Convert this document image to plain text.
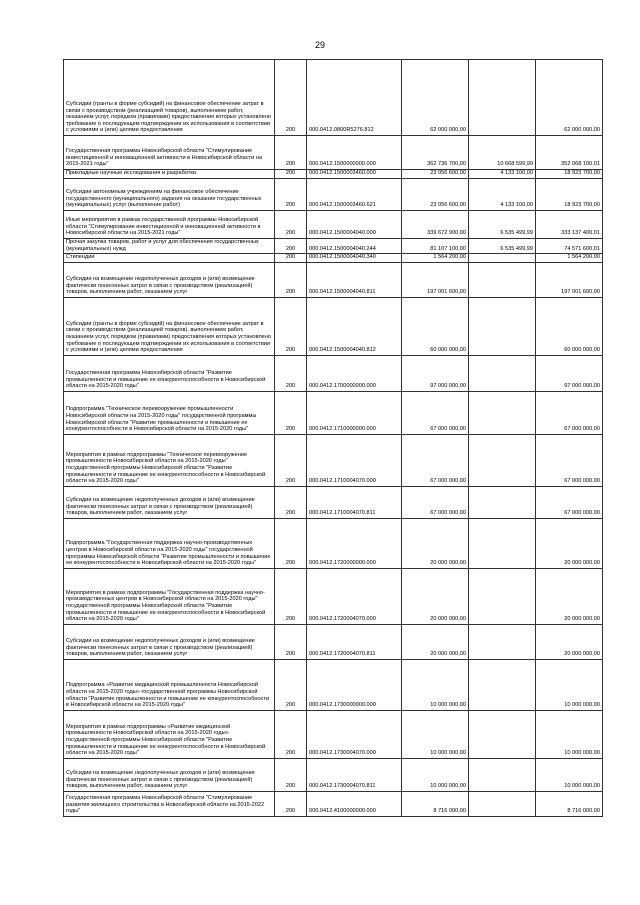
29
Субсидии (гранты в форме субсидий) на финансовое обеспечение затрат в связи с производством (реализацией товаров), выполнением работ, оказанием услуг, порядком (правилами) предоставления которых установлено требование о последующем подтверждении их использования в соответствии с условиями и (или) целями предоставления	200	000.0412.0800R5276.812	62 000 000,00		62 000 000,00
Государственная программа Новосибирской области "Стимулирование инвестиционной и инновационной активности в Новосибирской области на 2015-2021 годы"	200	000.0412.1500000000.000	362 736 700,00	10 668 599,99	352 068 100,01
Прикладные научные исследования и разработки	200	000.0412.1500003460.000	23 056 600,00	4 133 100,00	18 923 700,00
Субсидии автономным учреждениям на финансовое обеспечение государственного (муниципального) задания на оказание государственных (муниципальных) услуг (выполнение работ)	200	000.0412.1500003460.621	23 056 600,00	4 133 100,00	18 923 700,00
Иные мероприятия в рамках государственной программы Новосибирской области "Стимулирование инвестиционной и инновационной активности в Новосибирской области на 2015-2021 годы"	200	000.0412.1500004040.000	339 672 900,00	6 535 499,99	333 137 400,01
Прочая закупка товаров, работ и услуг для обеспечения государственных (муниципальных) нужд	200	000.0412.1500004040.244	81 107 100,00	6 535 499,99	74 571 600,01
Стипендии	200	000.0412.1500004040.340	1 564 200,00		1 564 200,00
Субсидии на возмещение недополученных доходов и (или) возмещение фактически понесенных затрат в связи с производством (реализацией) товаров, выполнением работ, оказанием услуг	200	000.0412.1500004040.811	197 001 600,00		197 001 600,00
Субсидии (гранты в форме субсидий) на финансовое обеспечение затрат в связи с производством (реализацией товаров), выполнением работ, оказанием услуг, порядком (правилами) предоставления которых установлено требование о последующем подтверждении их использования в соответствии с условиями и (или) целями предоставления	200	000.0412.1500004040.812	60 000 000,00		60 000 000,00
Государственная программа Новосибирской области "Развитие промышленности и повышение ее конкурентоспособности в Новосибирской области на 2015-2020 годы"	200	000.0412.1700000000.000	97 000 000,00		97 000 000,00
Подпрограмма "Техническое перевооружение промышленности Новосибирской области на 2015-2020 годы" государственной программы Новосибирской области "Развитие промышленности и повышение ее конкурентоспособности в Новосибирской области на 2015-2020 годы"	200	000.0412.1710000000.000	67 000 000,00		67 000 000,00
Мероприятия в рамках подпрограммы "Техническое перевооружение промышленности Новосибирской области на 2015-2020 годы" государственной программы Новосибирской области "Развитие промышленности и повышение ее конкурентоспособности в Новосибирской области на 2015-2020 годы"	200	000.0412.1710004070.000	67 000 000,00		67 000 000,00
Субсидии на возмещение недополученных доходов и (или) возмещение фактически понесенных затрат в связи с производством (реализацией) товаров, выполнением работ, оказанием услуг	200	000.0412.1710004070.811	67 000 000,00		67 000 000,00
Подпрограмма "Государственная поддержка научно-производственных центров в Новосибирской области на 2015-2020 годы" государственной программы Новосибирской области "Развитие промышленности и повышение ее конкурентоспособности в Новосибирской области на 2015-2020 годы"	200	000.0412.1720000000.000	20 000 000,00		20 000 000,00
Мероприятия в рамках подпрограммы "Государственная поддержка научно-производственных центров в Новосибирской области на 2015-2020 годы" государственной программы Новосибирской области "Развитие промышленности и повышение ее конкурентоспособности в Новосибирской области на 2015-2020 годы"	200	000.0412.1720004070.000	20 000 000,00		20 000 000,00
Субсидии на возмещение недополученных доходов и (или) возмещение фактически понесенных затрат в связи с производством (реализацией) товаров, выполнением работ, оказанием услуг	200	000.0412.1720004070.811	20 000 000,00		20 000 000,00
Подпрограмма «Развитие медицинской промышленности Новосибирской области на 2015-2020 годы» государственной программы Новосибирской области "Развитие промышленности и повышение ее конкурентоспособности в Новосибирской области на 2015-2020 годы"	200	000.0412.1730000000.000	10 000 000,00		10 000 000,00
Мероприятия в рамках подпрограммы «Развитие медицинской промышленности Новосибирской области на 2015-2020 годы» государственной программы Новосибирской области "Развитие промышленности и повышение ее конкурентоспособности в Новосибирской области на 2015-2020 годы"	200	000.0412.1730004070.000	10 000 000,00		10 000 000,00
Субсидии на возмещение недополученных доходов и (или) возмещение фактически понесенных затрат в связи с производством (реализацией) товаров, выполнением работ, оказанием услуг	200	000.0412.1730004070.811	10 000 000,00		10 000 000,00
Государственная программа Новосибирской области "Стимулирование развития жилищного строительства в Новосибирской области на 2015-2022 годы"	200	000.0412.4100000000.000	8 716 000,00		8 716 000,00
